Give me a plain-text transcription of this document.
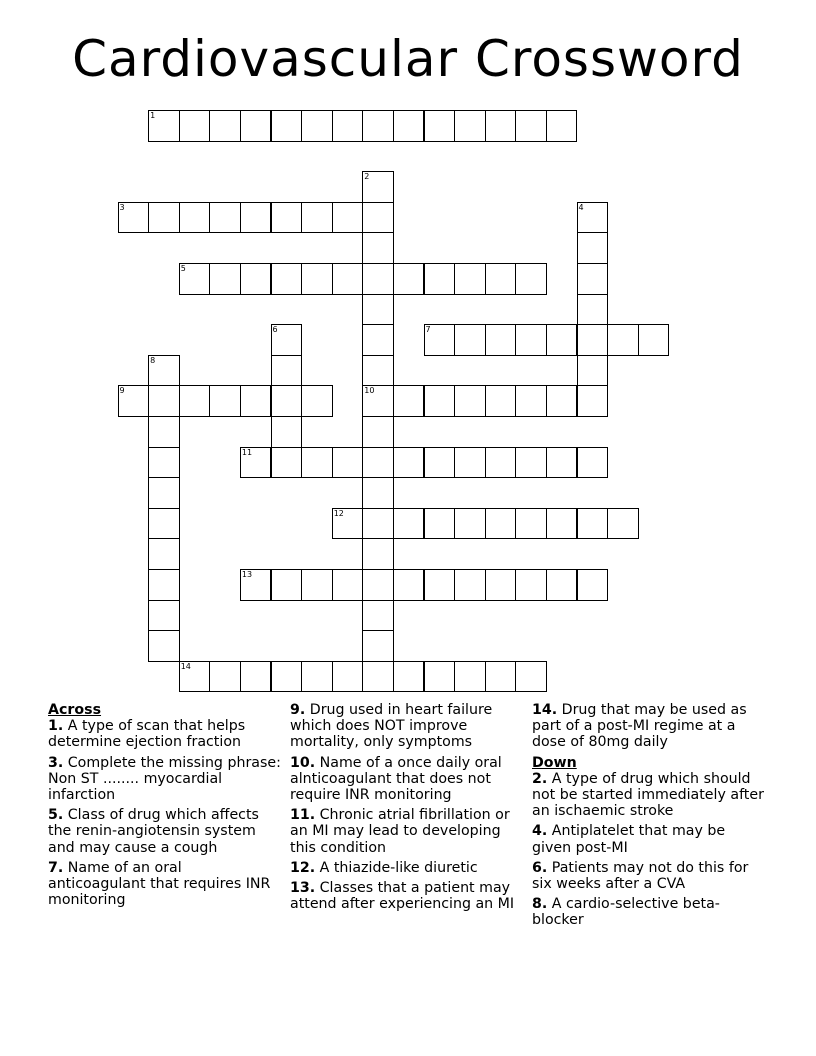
Cardiovascular Crossword
1
2
10
3	4
5
6	7
8
9
11
12
13
14
Across
1. A type of scan that helps determine ejection fraction
3. Complete the missing phrase: Non ST ........ myocardial infarction
5. Class of drug which affects the renin-angiotensin system and may cause a cough
7. Name of an oral anticoagulant that requires INR monitoring
9. Drug used in heart failure which does NOT improve mortality, only symptoms
10. Name of a once daily oral alnticoagulant that does not require INR monitoring
11. Chronic atrial fibrillation or an MI may lead to developing this condition
12. A thiazide-like diuretic
13. Classes that a patient may attend after experiencing an MI
14. Drug that may be used as part of a post-MI regime at a dose of 80mg daily
Down
2. A type of drug which should not be started immediately after an ischaemic stroke
4. Antiplatelet that may be given post-MI
6. Patients may not do this for six weeks after a CVA
8. A cardio-selective beta-blocker
